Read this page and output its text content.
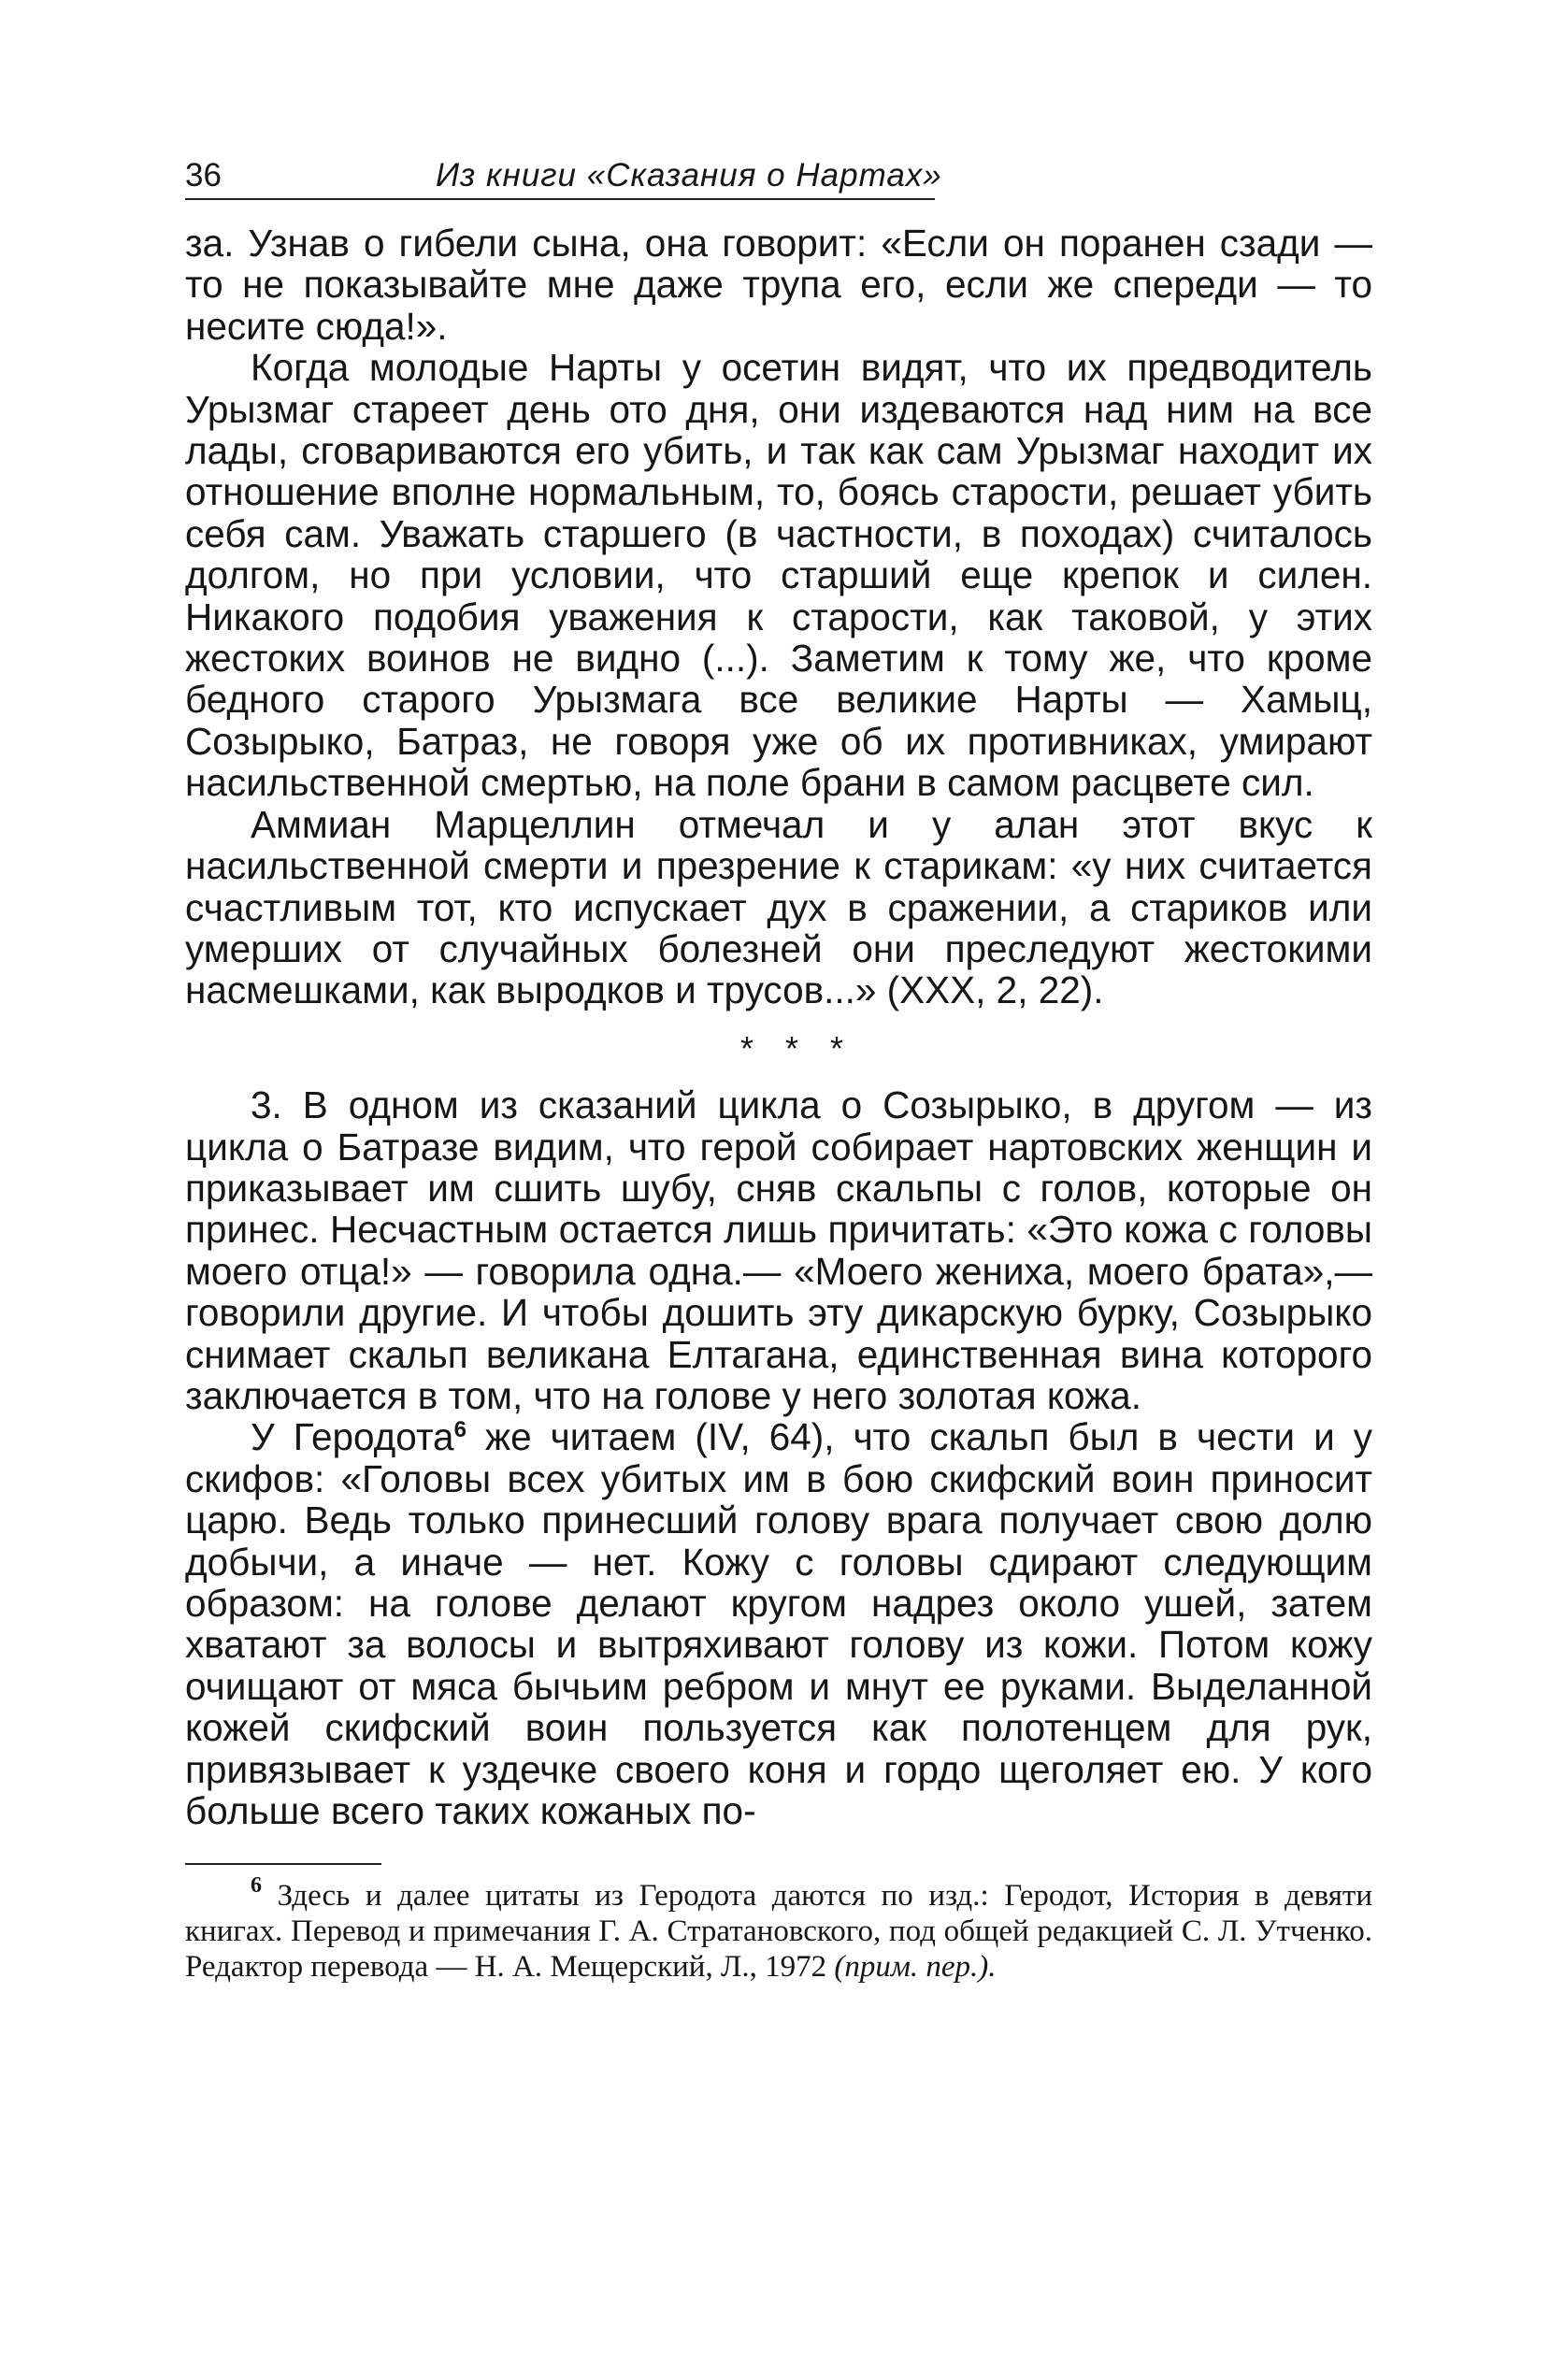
36	Из книги «Сказания о Нартах»

за. Узнав о гибели сына, она говорит: «Если он поранен сзади — то не показывайте мне даже трупа его, если же спереди — то несите сюда!».

Когда молодые Нарты у осетин видят, что их предводитель Урызмаг стареет день ото дня, они издеваются над ним на все лады, сговариваются его убить, и так как сам Урызмаг находит их отношение вполне нормальным, то, боясь старости, решает убить себя сам. Уважать старшего (в частности, в походах) считалось долгом, но при условии, что старший еще крепок и силен. Никакого подобия уважения к старости, как таковой, у этих жестоких воинов не видно (...). Заметим к тому же, что кроме бедного старого Урызмага все великие Нарты — Хамыц, Созырыко, Батраз, не говоря уже об их противниках, умирают насильственной смертью, на поле брани в самом расцвете сил.

Аммиан Марцеллин отмечал и у алан этот вкус к насильственной смерти и презрение к старикам: «у них считается счастливым тот, кто испускает дух в сражении, а стариков или умерших от случайных болезней они преследуют жестокими насмешками, как выродков и трусов...» (XXX, 2, 22).

* * *

3. В одном из сказаний цикла о Созырыко, в другом — из цикла о Батразе видим, что герой собирает нартовских женщин и приказывает им сшить шубу, сняв скальпы с голов, которые он принес. Несчастным остается лишь причитать: «Это кожа с головы моего отца!» — говорила одна.— «Моего жениха, моего брата»,— говорили другие. И чтобы дошить эту дикарскую бурку, Созырыко снимает скальп великана Елтагана, единственная вина которого заключается в том, что на голове у него золотая кожа.

У Геродота$^6$ же читаем (IV, 64), что скальп был в чести и у скифов: «Головы всех убитых им в бою скифский воин приносит царю. Ведь только принесший голову врага получает свою долю добычи, а иначе — нет. Кожу с головы сдирают следующим образом: на голове делают кругом надрез около ушей, затем хватают за волосы и вытряхивают голову из кожи. Потом кожу очищают от мяса бычьим ребром и мнут ее руками. Выделанной кожей скифский воин пользуется как полотенцем для рук, привязывает к уздечке своего коня и гордо щеголяет ею. У кого больше всего таких кожаных по-

$^6$ Здесь и далее цитаты из Геродота даются по изд.: Геродот, История в девяти книгах. Перевод и примечания Г. А. Стратановского, под общей редакцией С. Л. Утченко. Редактор перевода — Н. А. Мещерский, Л., 1972 (прим. пер.).
